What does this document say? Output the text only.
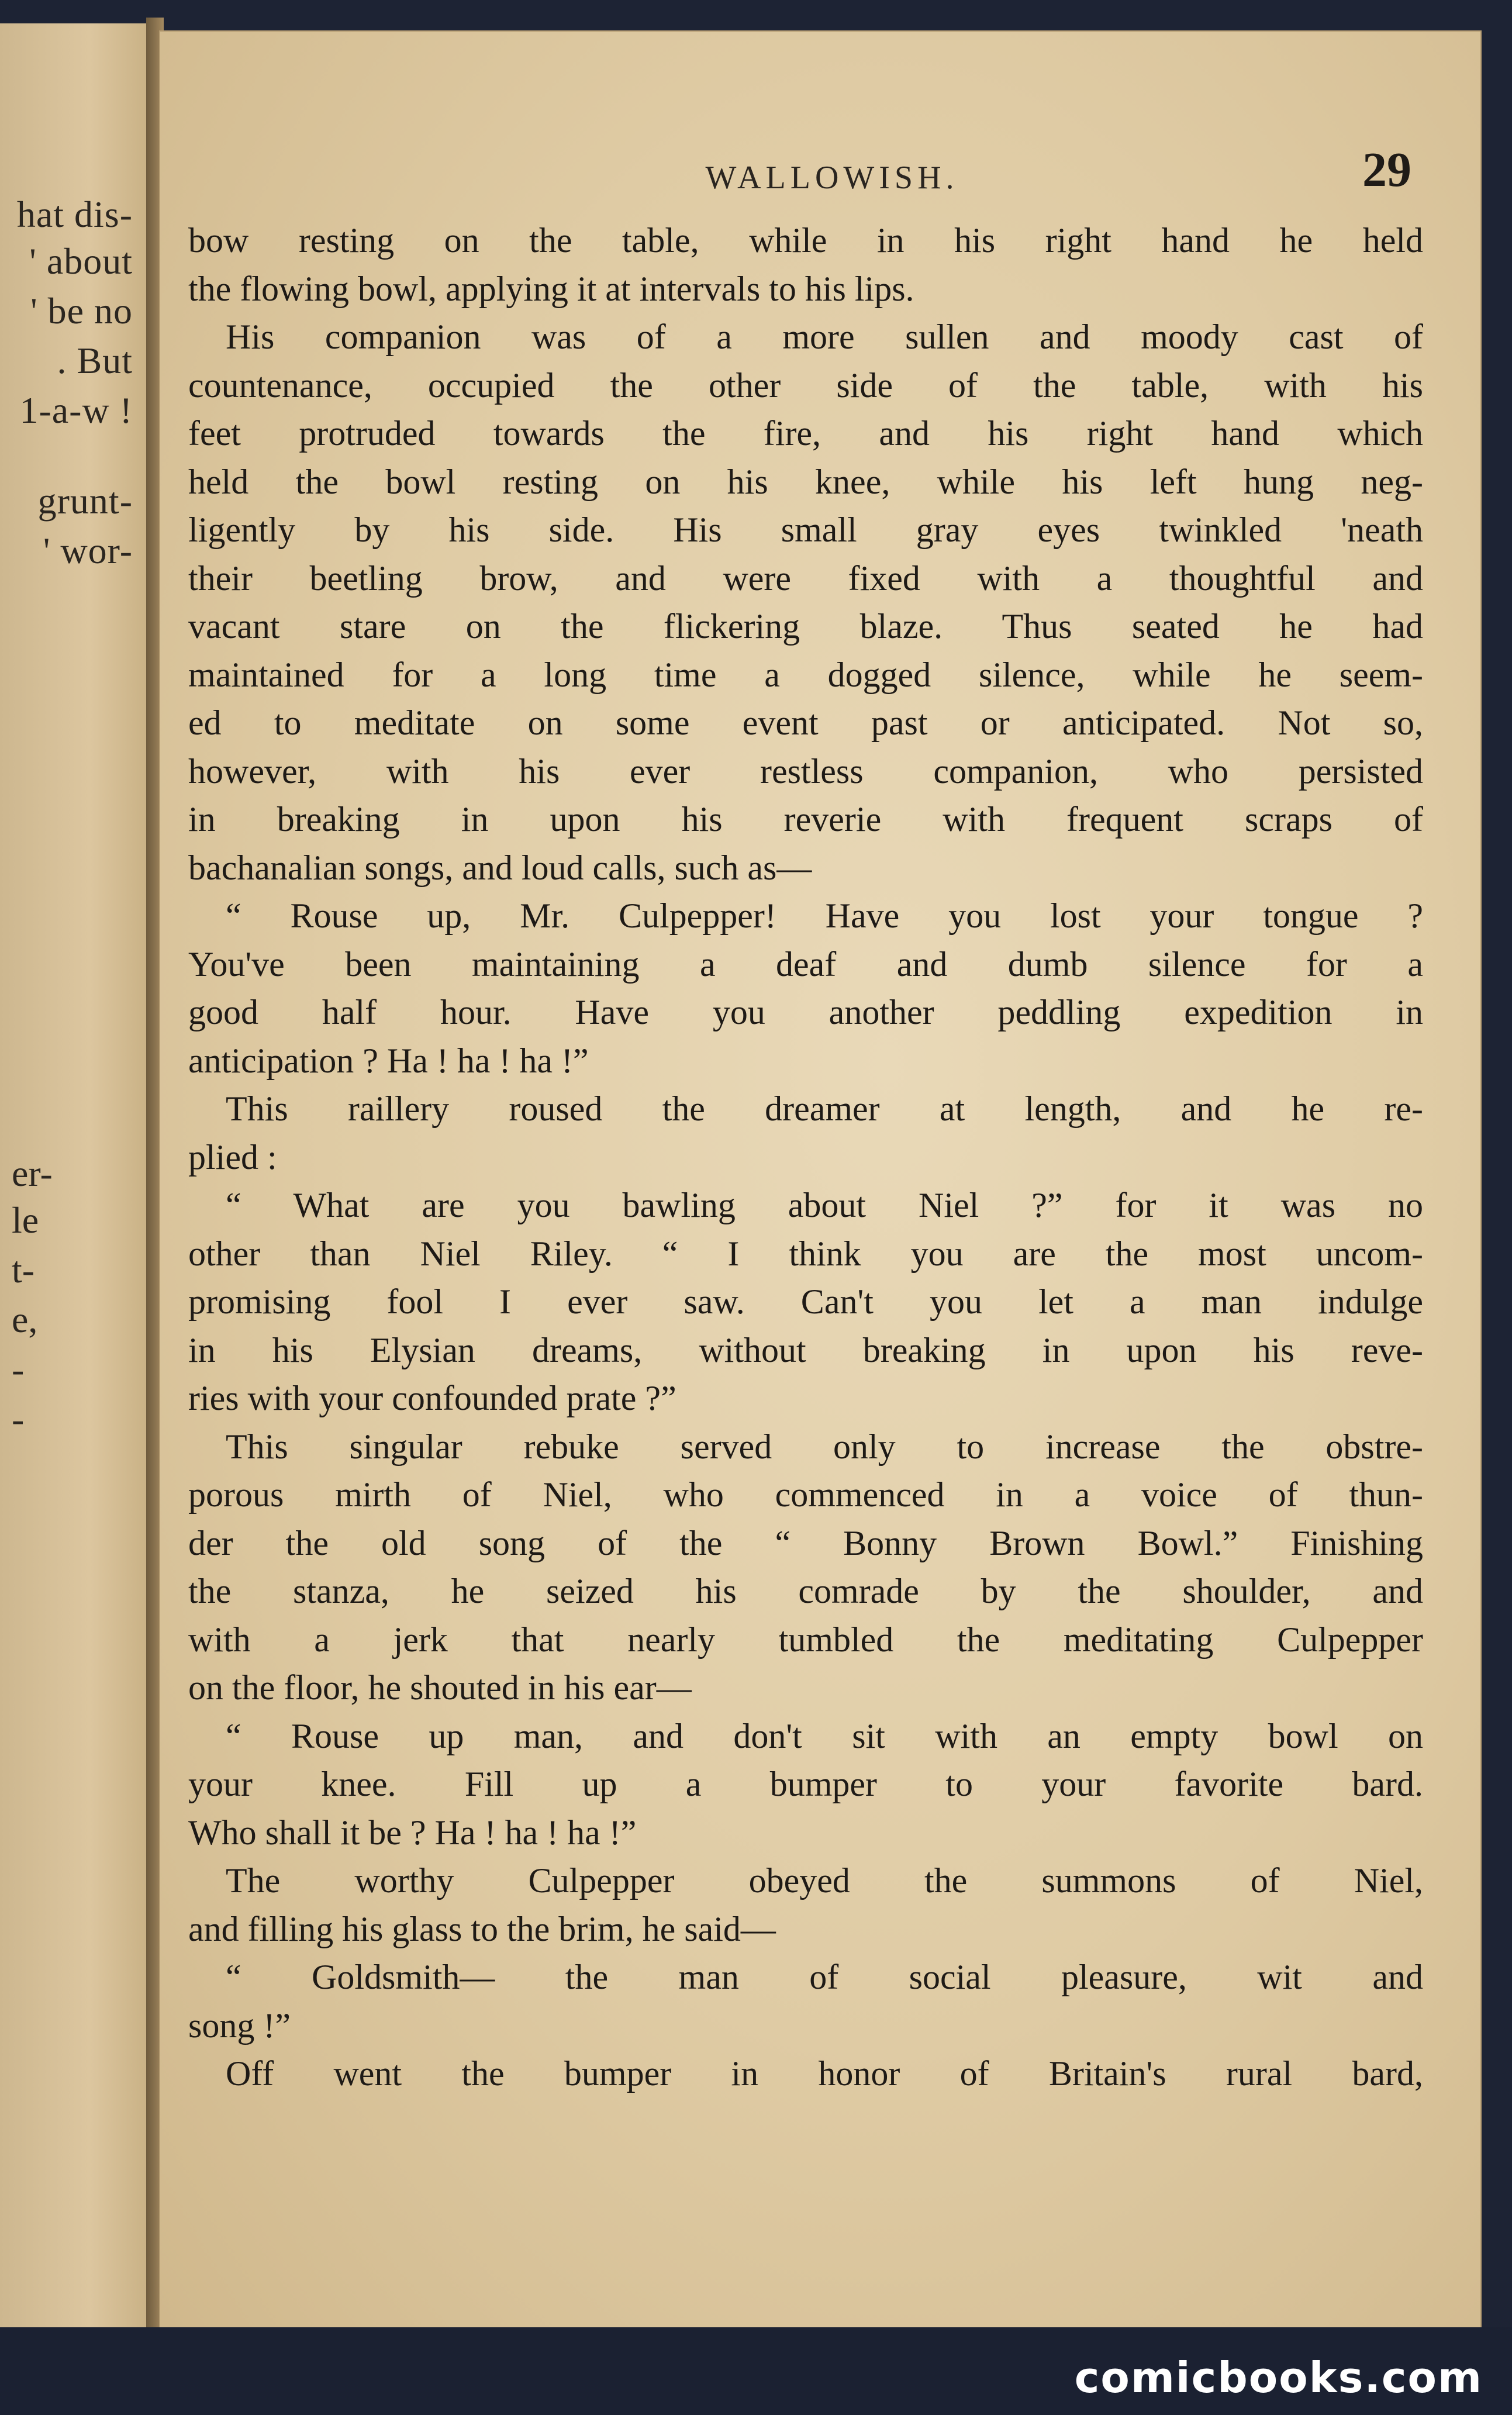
hat dis-
' about
' be no
. But
1-a-w !
grunt-
' wor-
er-
le
t-
e,
-
-
WALLOWISH.	29
bow resting on the table, while in his right hand he held
the flowing bowl, applying it at intervals to his lips.
His companion was of a more sullen and moody cast of
countenance, occupied the other side of the table, with his
feet protruded towards the fire, and his right hand which
held the bowl resting on his knee, while his left hung neg-
ligently by his side. His small gray eyes twinkled 'neath
their beetling brow, and were fixed with a thoughtful and
vacant stare on the flickering blaze. Thus seated he had
maintained for a long time a dogged silence, while he seem-
ed to meditate on some event past or anticipated. Not so,
however, with his ever restless companion, who persisted
in breaking in upon his reverie with frequent scraps of
bachanalian songs, and loud calls, such as—
“ Rouse up, Mr. Culpepper! Have you lost your tongue ?
You've been maintaining a deaf and dumb silence for a
good half hour. Have you another peddling expedition in
anticipation ? Ha ! ha ! ha !”
This raillery roused the dreamer at length, and he re-
plied :
“ What are you bawling about Niel ?” for it was no
other than Niel Riley. “ I think you are the most uncom-
promising fool I ever saw. Can't you let a man indulge
in his Elysian dreams, without breaking in upon his reve-
ries with your confounded prate ?”
This singular rebuke served only to increase the obstre-
porous mirth of Niel, who commenced in a voice of thun-
der the old song of the “ Bonny Brown Bowl.” Finishing
the stanza, he seized his comrade by the shoulder, and
with a jerk that nearly tumbled the meditating Culpepper
on the floor, he shouted in his ear—
“ Rouse up man, and don't sit with an empty bowl on
your knee. Fill up a bumper to your favorite bard.
Who shall it be ? Ha ! ha ! ha !”
The worthy Culpepper obeyed the summons of Niel,
and filling his glass to the brim, he said—
“ Goldsmith— the man of social pleasure, wit and
song !”
Off went the bumper in honor of Britain's rural bard,
comicbooks.com
